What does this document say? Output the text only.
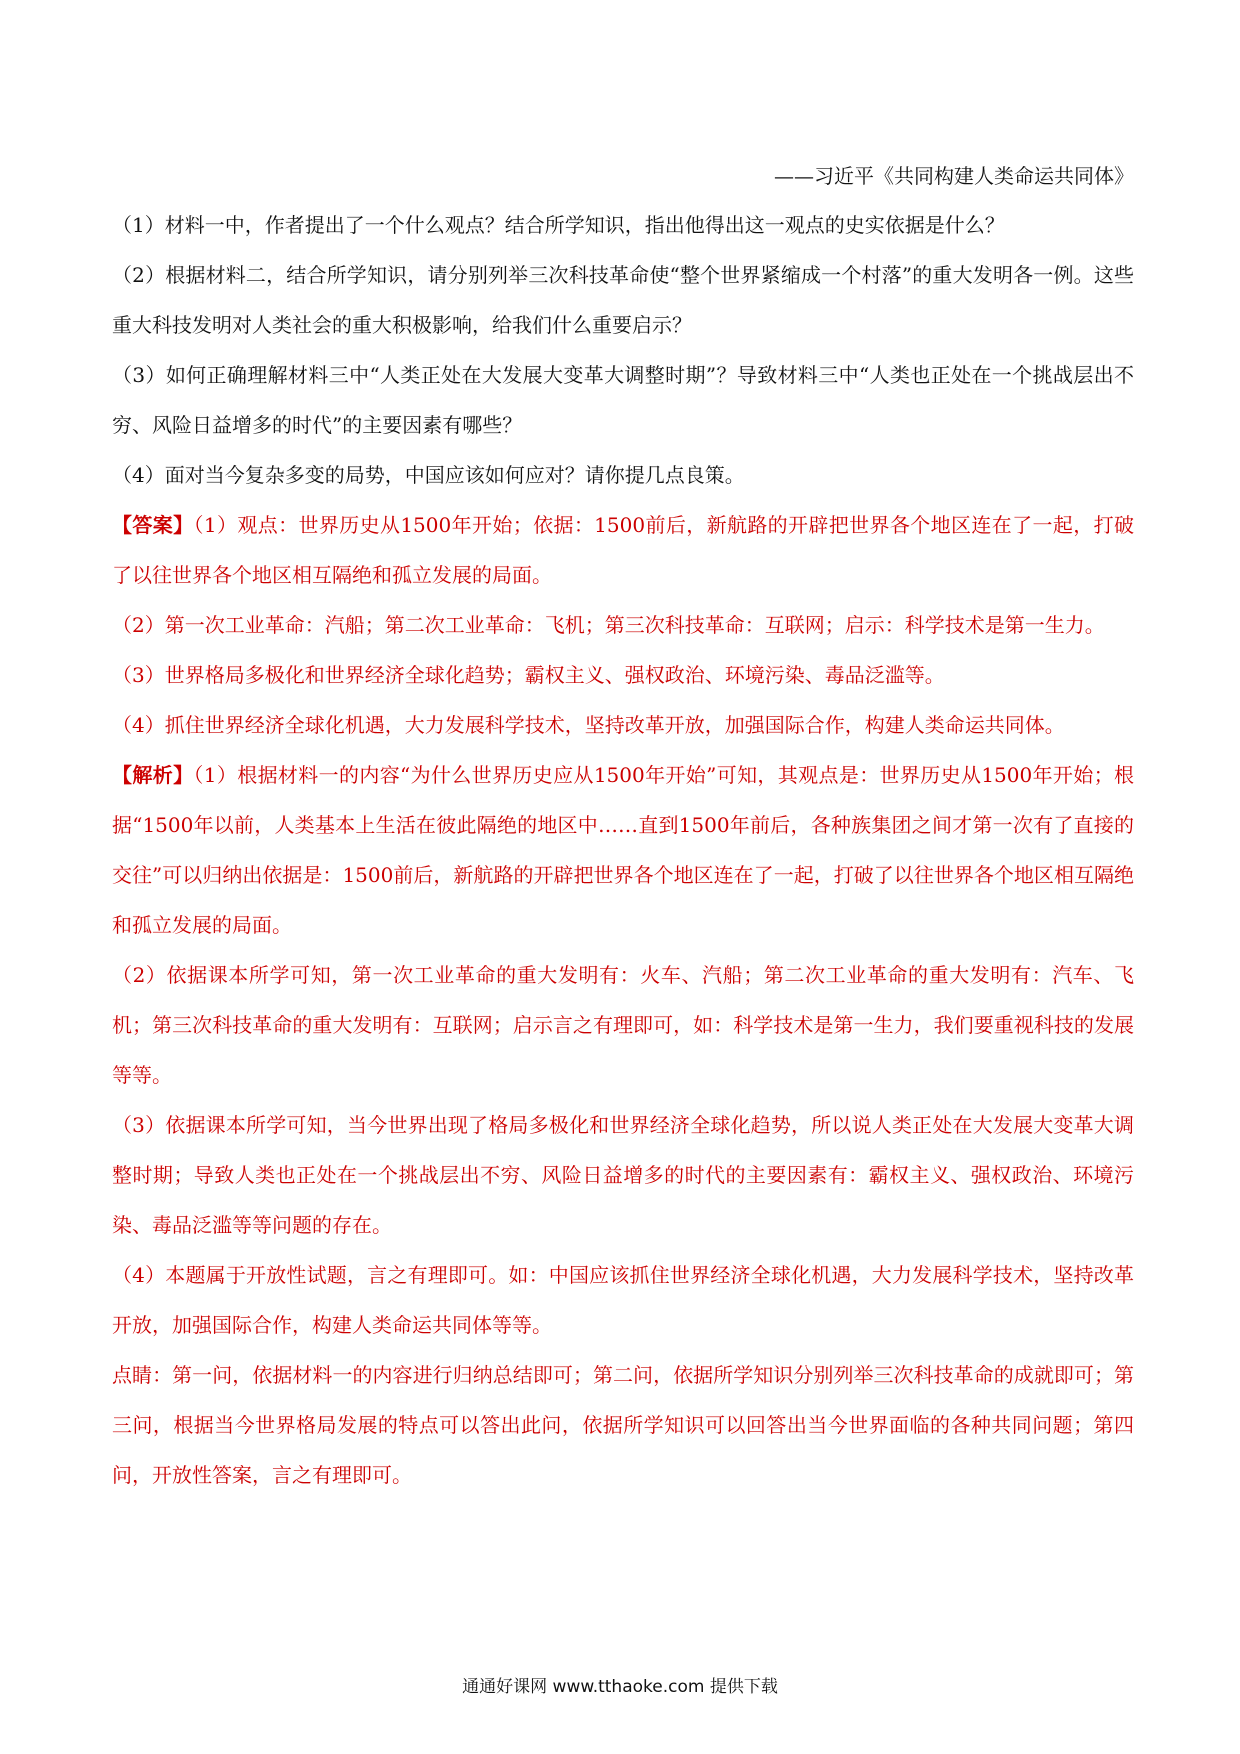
——习近平《共同构建人类命运共同体》

（1）材料一中，作者提出了一个什么观点？结合所学知识，指出他得出这一观点的史实依据是什么？

（2）根据材料二，结合所学知识，请分别列举三次科技革命使“整个世界紧缩成一个村落”的重大发明各一例。这些重大科技发明对人类社会的重大积极影响，给我们什么重要启示？

（3）如何正确理解材料三中“人类正处在大发展大变革大调整时期”？导致材料三中“人类也正处在一个挑战层出不穷、风险日益增多的时代”的主要因素有哪些？

（4）面对当今复杂多变的局势，中国应该如何应对？请你提几点良策。

【答案】（1）观点：世界历史从1500年开始；依据：1500前后，新航路的开辟把世界各个地区连在了一起，打破了以往世界各个地区相互隔绝和孤立发展的局面。

（2）第一次工业革命：汽船；第二次工业革命：飞机；第三次科技革命：互联网；启示：科学技术是第一生力。

（3）世界格局多极化和世界经济全球化趋势；霸权主义、强权政治、环境污染、毒品泛滥等。

（4）抓住世界经济全球化机遇，大力发展科学技术，坚持改革开放，加强国际合作，构建人类命运共同体。

【解析】（1）根据材料一的内容“为什么世界历史应从1500年开始”可知，其观点是：世界历史从1500年开始；根据“1500年以前，人类基本上生活在彼此隔绝的地区中……直到1500年前后，各种族集团之间才第一次有了直接的交往”可以归纳出依据是：1500前后，新航路的开辟把世界各个地区连在了一起，打破了以往世界各个地区相互隔绝和孤立发展的局面。

（2）依据课本所学可知，第一次工业革命的重大发明有：火车、汽船；第二次工业革命的重大发明有：汽车、飞机；第三次科技革命的重大发明有：互联网；启示言之有理即可，如：科学技术是第一生力，我们要重视科技的发展等等。

（3）依据课本所学可知，当今世界出现了格局多极化和世界经济全球化趋势，所以说人类正处在大发展大变革大调整时期；导致人类也正处在一个挑战层出不穷、风险日益增多的时代的主要因素有：霸权主义、强权政治、环境污染、毒品泛滥等等问题的存在。

（4）本题属于开放性试题，言之有理即可。如：中国应该抓住世界经济全球化机遇，大力发展科学技术，坚持改革开放，加强国际合作，构建人类命运共同体等等。

点睛：第一问，依据材料一的内容进行归纳总结即可；第二问，依据所学知识分别列举三次科技革命的成就即可；第三问，根据当今世界格局发展的特点可以答出此问，依据所学知识可以回答出当今世界面临的各种共同问题；第四问，开放性答案，言之有理即可。

通通好课网 www.tthaoke.com 提供下载
